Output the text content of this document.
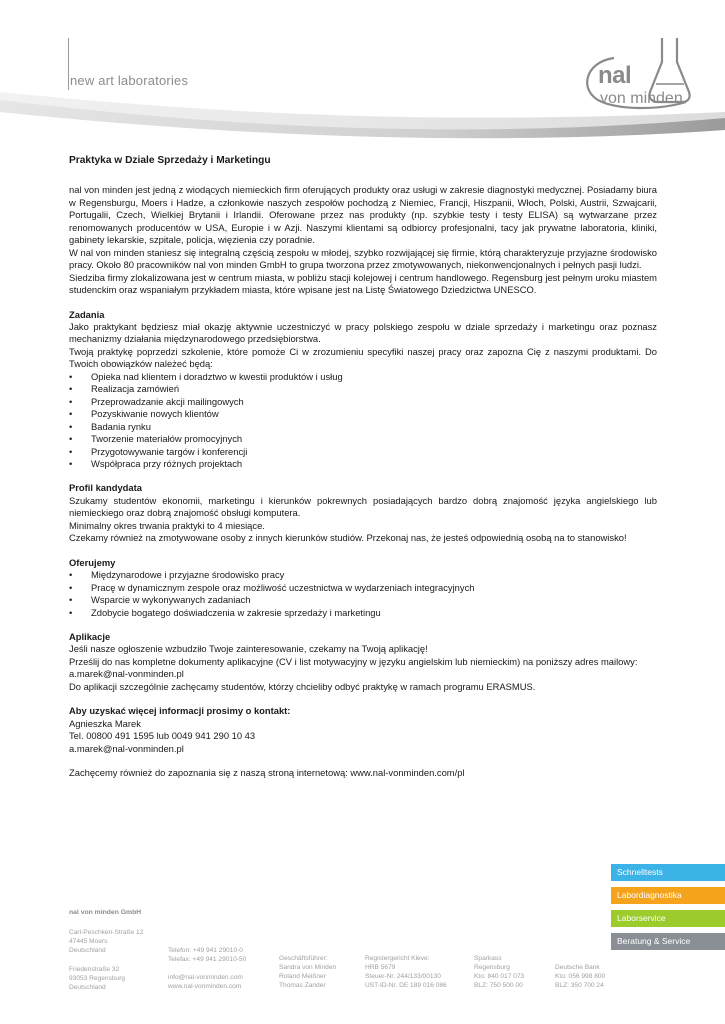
new art laboratories	nal
von minden
Praktyka w Dziale Sprzedaży i Marketingu

nal von minden jest jedną z wiodących niemieckich firm oferujących produkty oraz usługi w zakresie diagnostyki medycznej. Posiadamy biura w Regensburgu, Moers i Hadze, a członkowie naszych zespołów pochodzą z Niemiec, Francji, Hiszpanii, Włoch, Polski, Austrii, Szwajcarii, Portugalii, Czech, Wielkiej Brytanii i Irlandii. Oferowane przez nas produkty (np. szybkie testy i testy ELISA) są wytwarzane przez renomowanych producentów w USA, Europie i w Azji. Naszymi klientami są odbiorcy profesjonalni, tacy jak prywatne laboratoria, kliniki, gabinety lekarskie, szpitale, policja, więzienia czy poradnie.

W nal von minden staniesz się integralną częścią zespołu w młodej, szybko rozwijającej się firmie, którą charakteryzuje przyjazne środowisko pracy. Około 80 pracowników nal von minden GmbH to grupa tworzona przez zmotywowanych, niekonwencjonalnych i pełnych pasji ludzi.

Siedziba firmy zlokalizowana jest w centrum miasta, w pobliżu stacji kolejowej i centrum handlowego. Regensburg jest pełnym uroku miastem studenckim oraz wspaniałym przykładem miasta, które wpisane jest na Listę Światowego Dziedzictwa UNESCO.

Zadania

Jako praktykant będziesz miał okazję aktywnie uczestniczyć w pracy polskiego zespołu w dziale sprzedaży i marketingu oraz poznasz mechanizmy działania międzynarodowego przedsiębiorstwa.

Twoją praktykę poprzedzi szkolenie, które pomoże Ci w zrozumieniu specyfiki naszej pracy oraz zapozna Cię z naszymi produktami. Do Twoich obowiązków należeć będą:

• Opieka nad klientem i doradztwo w kwestii produktów i usług
• Realizacja zamówień
• Przeprowadzanie akcji mailingowych
• Pozyskiwanie nowych klientów
• Badania rynku
• Tworzenie materiałów promocyjnych
• Przygotowywanie targów i konferencji
• Współpraca przy różnych projektach
Profil kandydata

Szukamy studentów ekonomii, marketingu i kierunków pokrewnych posiadających bardzo dobrą znajomość języka angielskiego lub niemieckiego oraz dobrą znajomość obsługi komputera.

Minimalny okres trwania praktyki to 4 miesiące.

Czekamy również na zmotywowane osoby z innych kierunków studiów. Przekonaj nas, że jesteś odpowiednią osobą na to stanowisko!

Oferujemy
• Międzynarodowe i przyjazne środowisko pracy
• Pracę w dynamicznym zespole oraz możliwość uczestnictwa w wydarzeniach integracyjnych
• Wsparcie w wykonywanych zadaniach
• Zdobycie bogatego doświadczenia w zakresie sprzedaży i marketingu
Aplikacje

Jeśli nasze ogłoszenie wzbudziło Twoje zainteresowanie, czekamy na Twoją aplikację!

Prześlij do nas kompletne dokumenty aplikacyjne (CV i list motywacyjny w języku angielskim lub niemieckim) na poniższy adres mailowy:

a.marek@nal-vonminden.pl

Do aplikacji szczególnie zachęcamy studentów, którzy chcieliby odbyć praktykę w ramach programu ERASMUS.

Aby uzyskać więcej informacji prosimy o kontakt:

Agnieszka Marek

Tel. 00800 491 1595 lub 0049 941 290 10 43

a.marek@nal-vonminden.pl

Zachęcemy również do zapoznania się z naszą stroną internetową: www.nal-vonminden.com/pl
Schnelltests
Labordiagnostika
Laborservice
Beratung & Service
nal von minden GmbH
Carl-Peschken-Straße 12
47445 Moers
Deutschland
Friedenstraße 32
93053 Regensburg
Deutschland
Telefon: +49 941 29010-0
Telefax: +49 941 29010-50
info@nal-vonminden.com
www.nal-vonminden.com
Geschäftsführer:
Sandra von Minden
Roland Meißner
Thomas Zander
Registergericht Kleve:
HRB 5679
Steuer-Nr. 244/133/00130
UST-ID-Nr. DE 189 016 086
Sparkass
Regensburg
Kto: 840 017 073
BLZ: 750 500 00
Deutsche Bank
Kto: 056 998 800
BLZ: 350 700 24
